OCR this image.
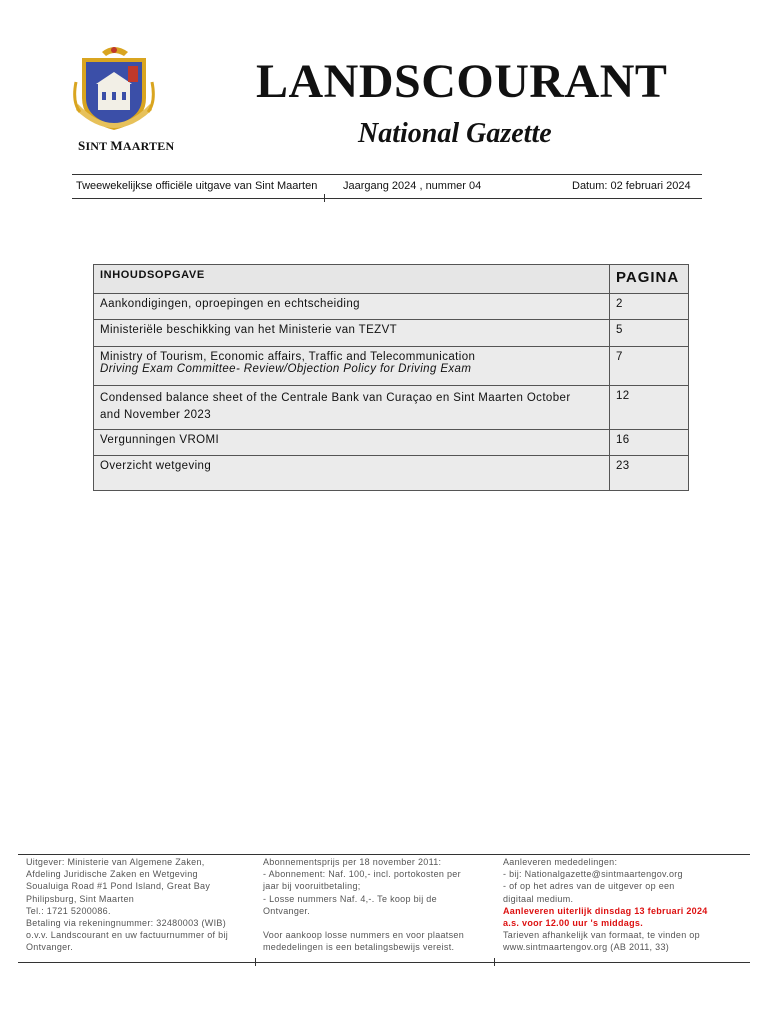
SINT MAARTEN
LANDSCOURANT
National Gazette
Tweewekelijkse officiële uitgave van Sint Maarten Jaargang 2024 , nummer 04	Datum: 02 februari 2024
INHOUDSOPGAVE	PAGINA
Aankondigingen, oproepingen en echtscheiding	2
Ministeriële beschikking van het Ministerie van TEZVT	5

Ministry of Tourism, Economic affairs, Traffic and Telecommunication
Driving Exam Committee- Review/Objection Policy for Driving Exam	7

Condensed balance sheet of the Centrale Bank van Curaçao en Sint Maarten October
and November 2023	12
Vergunningen VROMI	16
Overzicht wetgeving	23
Uitgever: Ministerie van Algemene Zaken,
Afdeling Juridische Zaken en Wetgeving
Soualuiga Road #1 Pond Island, Great Bay
Philipsburg, Sint Maarten
Tel.: 1721 5200086.
Betaling via rekeningnummer: 32480003 (WIB)
o.v.v. Landscourant en uw factuurnummer of bij
Ontvanger.
Abonnementsprijs per 18 november 2011:
- Abonnement: Naf. 100,- incl. portokosten per
jaar bij vooruitbetaling;
- Losse nummers Naf. 4,-. Te koop bij de
Ontvanger.

Voor aankoop losse nummers en voor plaatsen
mededelingen is een betalingsbewijs vereist.
Aanleveren mededelingen:
- bij: Nationalgazette@sintmaartengov.org
- of op het adres van de uitgever op een
digitaal medium.
Aanleveren uiterlijk dinsdag 13 februari 2024
a.s. voor 12.00 uur 's middags.
Tarieven afhankelijk van formaat, te vinden op
www.sintmaartengov.org (AB 2011, 33)
